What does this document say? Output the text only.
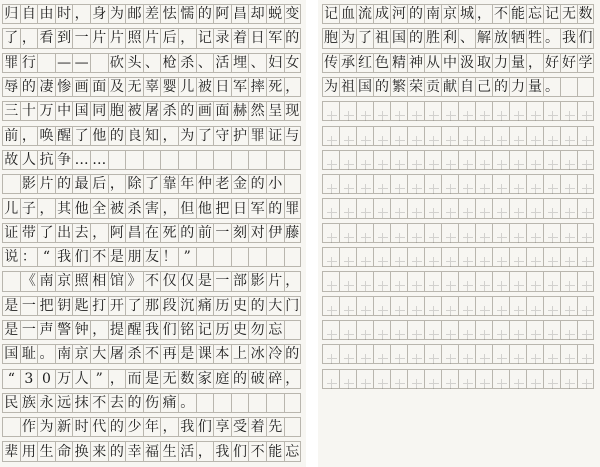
归 自 由 时 ， 身 为 邮 差 怯 懦 的 阿 昌 却 蜕 变
了 ， 看 到 一 片 片 照 片 后 ， 记 录 着 日 军 的
罪 行 — — 砍 头 、 枪 杀 、 活 埋 、 妇 女
辱 的 凄 惨 画 面 及 无 辜 婴 儿 被 日 军 摔 死 ，
三 十 万 中 国 同 胞 被 屠 杀 的 画 面 赫 然 呈 现
前 ， 唤 醒 了 他 的 良 知 ， 为 了 守 护 罪 证 与
故 人 抗 争 … …

影 片 的 最 后 ， 除 了 靠 年 仲 老 金 的 小
儿 子 ， 其 他 全 被 杀 害 ， 但 他 把 日 军 的 罪
证 带 了 出 去 ， 阿 昌 在 死 的 前 一 刻 对 伊 藤
说 ： “ 我 们 不 是 朋 友 ！ ”

《 南 京 照 相 馆 》 不 仅 仅 是 一 部 影 片 ，
是 一 把 钥 匙 打 开 了 那 段 沉 痛 历 史 的 大 门
是 一 声 警 钟 ， 提 醒 我 们 铭 记 历 史 勿 忘
国 耻 。 南 京 大 屠 杀 不 再 是 课 本 上 冰 冷 的
“ 3 0 万 人 ” ， 而 是 无 数 家 庭 的 破 碎 ，
民 族 永 远 抹 不 去 的 伤 痛 。

作 为 新 时 代 的 少 年 ， 我 们 享 受 着 先
辈 用 生 命 换 来 的 幸 福 生 活 ， 我 们 不 能 忘
记 血 流 成 河 的 南 京 城 ， 不 能 忘 记 无 数
胞 为 了 祖 国 的 胜 利 、 解 放 牺 牲 。 我 们
传 承 红 色 精 神 从 中 汲 取 力 量 ， 好 好 学
为 祖 国 的 繁 荣 贡 献 自 己 的 力 量 。
